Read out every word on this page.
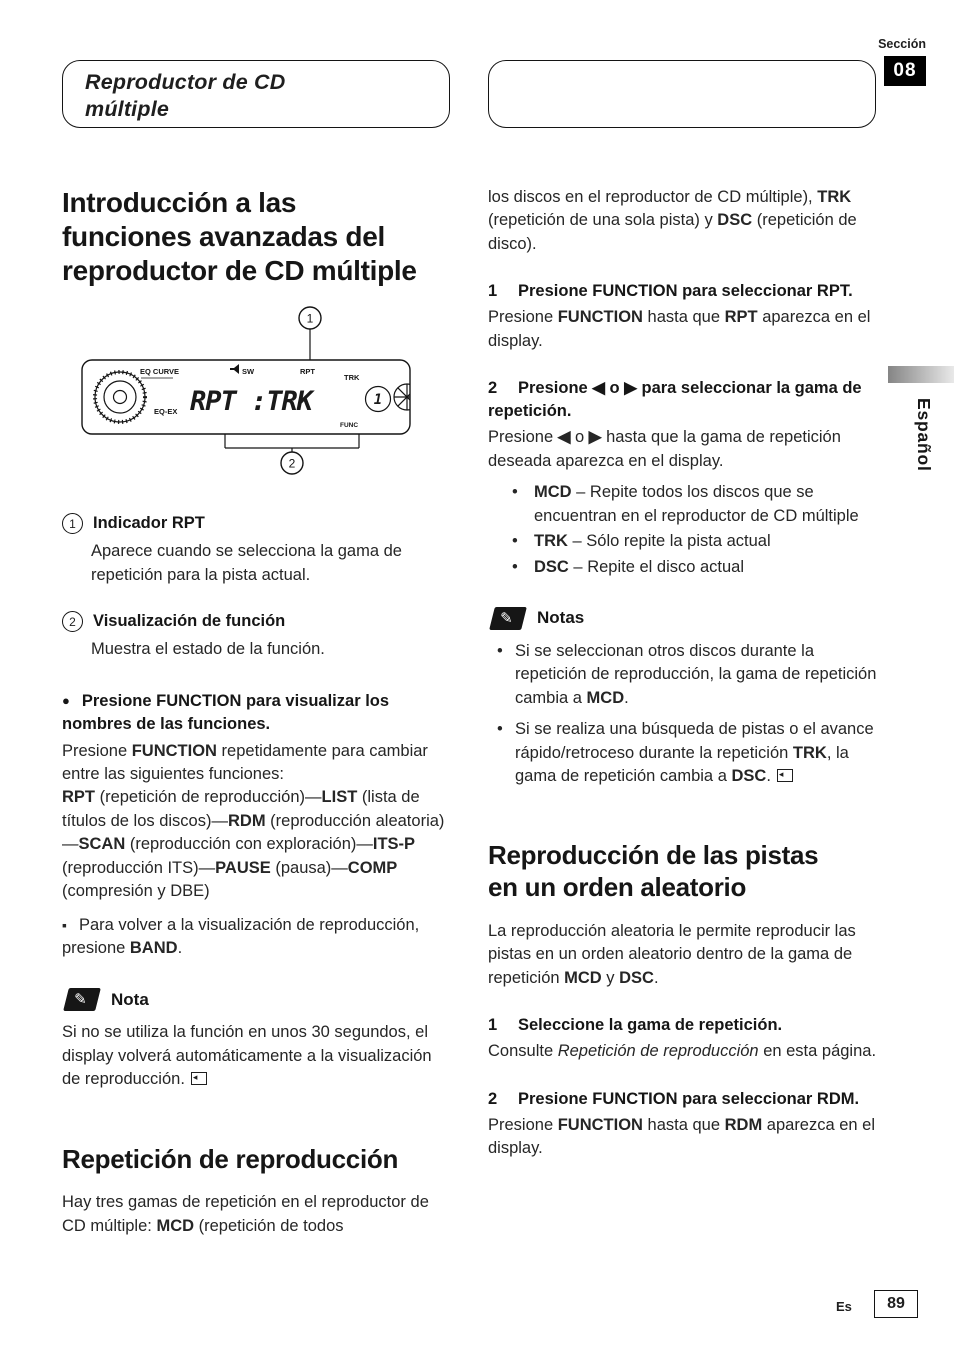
Sección
08
Reproductor de CD
múltiple
Introducción a las funciones avanzadas del reproductor de CD múltiple
1
EQ CURVE
EQ-EX
SW	RPT
TRK
FUNC
RPT :TRK	1
2
1	Indicador RPT

Aparece cuando se selecciona la gama de repetición para la pista actual.

2	Visualización de función

Muestra el estado de la función.

● Presione FUNCTION para visualizar los nombres de las funciones.

Presione FUNCTION repetidamente para cambiar entre las siguientes funciones:
RPT (repetición de reproducción)—LIST (lista de títulos de los discos)—RDM (reproducción aleatoria)—SCAN (reproducción con exploración)—ITS-P (reproducción ITS)—PAUSE (pausa)—COMP (compresión y DBE)

▪ Para volver a la visualización de reproducción, presione BAND.

✎
Nota

Si no se utiliza la función en unos 30 segundos, el display volverá automáticamente a la visualización de reproducción.◂

Repetición de reproducción

Hay tres gamas de repetición en el reproductor de CD múltiple: MCD (repetición de todos

los discos en el reproductor de CD múltiple), TRK (repetición de una sola pista) y DSC (repetición de disco).

1 Presione FUNCTION para seleccionar RPT.

Presione FUNCTION hasta que RPT aparezca en el display.

2 Presione ◀ o ▶ para seleccionar la gama de repetición.

Presione ◀ o ▶ hasta que la gama de repetición deseada aparezca en el display.

• MCD – Repite todos los discos que se encuentran en el reproductor de CD múltiple
• TRK – Sólo repite la pista actual
• DSC – Repite el disco actual
✎
Notas
• Si se seleccionan otros discos durante la repetición de reproducción, la gama de repetición cambia a MCD.
• Si se realiza una búsqueda de pistas o el avance rápido/retroceso durante la repetición TRK, la gama de repetición cambia a DSC.◂
Reproducción de las pistas en un orden aleatorio

La reproducción aleatoria le permite reproducir las pistas en un orden aleatorio dentro de la gama de repetición MCD y DSC.

1 Seleccione la gama de repetición.

Consulte Repetición de reproducción en esta página.

2 Presione FUNCTION para seleccionar RDM.

Presione FUNCTION hasta que RDM aparezca en el display.

Español
Es	89
